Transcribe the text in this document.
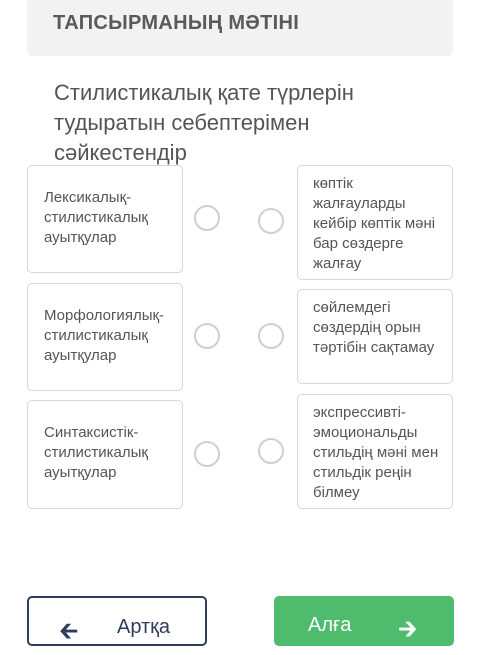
ТАПСЫРМАНЫҢ МӘТІНІ
Стилистикалық қате түрлерін тудыратын себептерімен сәйкестендір
Лексикалық-стилистикалық ауытқулар
Морфологиялық-стилистикалық ауытқулар
Синтаксистік-стилистикалық ауытқулар
көптік жалғауларды кейбір көптік мәні бар сөздерге жалғау
сөйлемдегі сөздердің орын тәртібін сақтамау
экспрессивті-эмоциональды стильдің мәні мен стильдік реңін білмеу
🡰 Артқа	Алға 🡲
